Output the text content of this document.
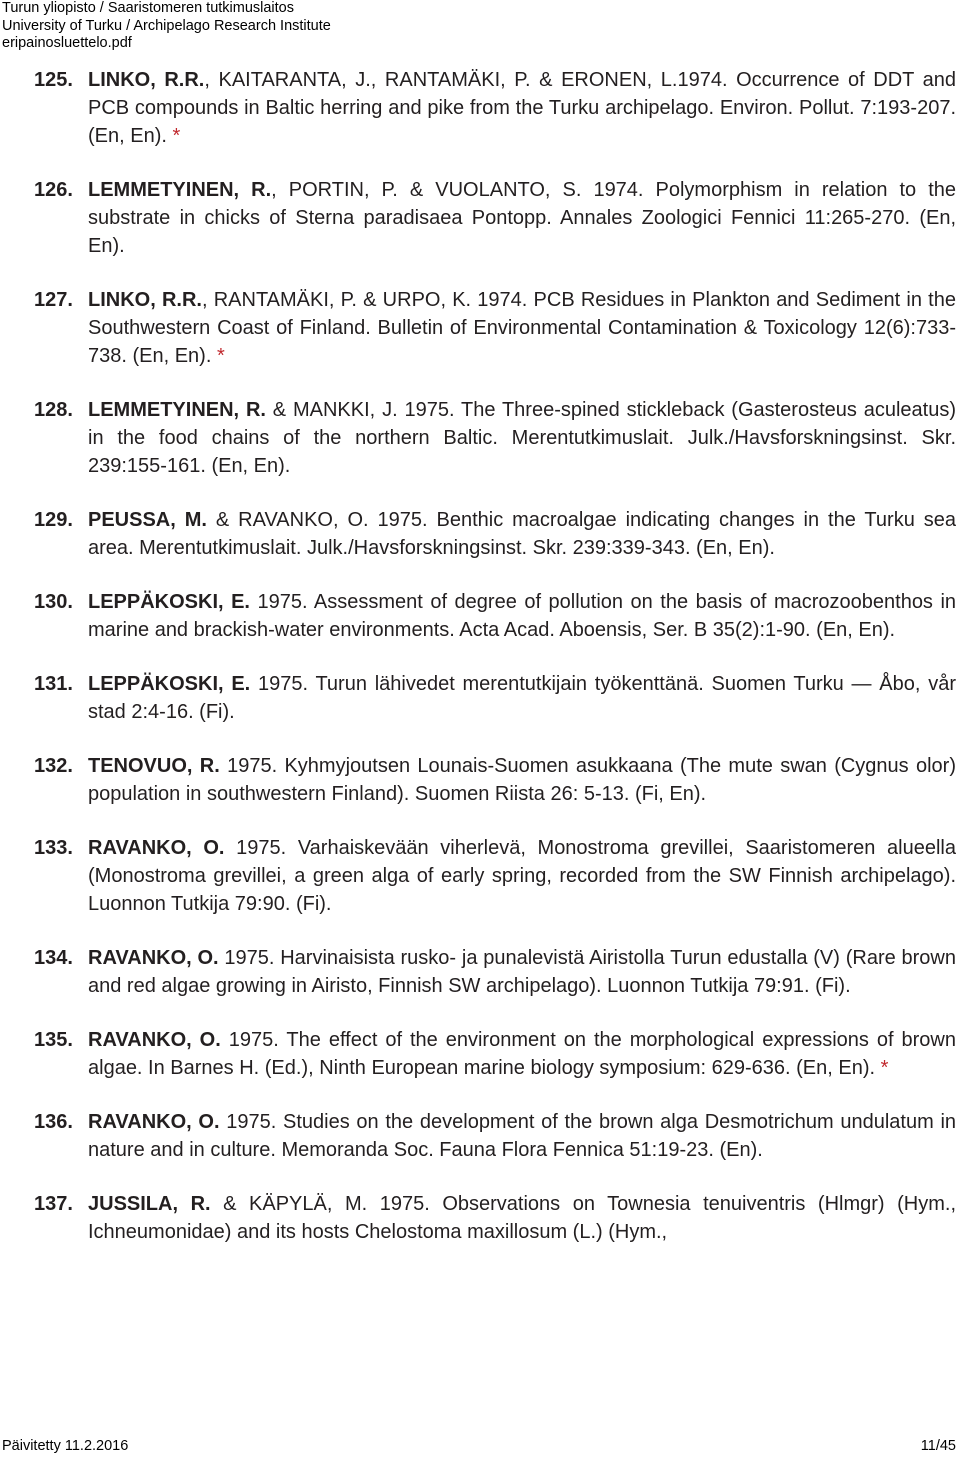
Turun yliopisto / Saaristomeren tutkimuslaitos
University of Turku / Archipelago Research Institute
eripainosluettelo.pdf
125. LINKO, R.R., KAITARANTA, J., RANTAMÄKI, P. & ERONEN, L.1974. Occurrence of DDT and PCB compounds in Baltic herring and pike from the Turku archipelago. Environ. Pollut. 7:193-207. (En, En). *
126. LEMMETYINEN, R., PORTIN, P. & VUOLANTO, S. 1974. Polymorphism in relation to the substrate in chicks of Sterna paradisaea Pontopp. Annales Zoologici Fennici 11:265-270. (En, En).
127. LINKO, R.R., RANTAMÄKI, P. & URPO, K. 1974. PCB Residues in Plankton and Sediment in the Southwestern Coast of Finland. Bulletin of Environmental Contamination & Toxicology 12(6):733-738. (En, En). *
128. LEMMETYINEN, R. & MANKKI, J. 1975. The Three-spined stickleback (Gasterosteus aculeatus) in the food chains of the northern Baltic. Merentutkimuslait. Julk./Havsforskningsinst. Skr. 239:155-161. (En, En).
129. PEUSSA, M. & RAVANKO, O. 1975. Benthic macroalgae indicating changes in the Turku sea area. Merentutkimuslait. Julk./Havsforskningsinst. Skr. 239:339-343. (En, En).
130. LEPPÄKOSKI, E. 1975. Assessment of degree of pollution on the basis of macrozoobenthos in marine and brackish-water environments. Acta Acad. Aboensis, Ser. B 35(2):1-90. (En, En).
131. LEPPÄKOSKI, E. 1975. Turun lähivedet merentutkijain työkenttänä. Suomen Turku — Åbo, vår stad 2:4-16. (Fi).
132. TENOVUO, R. 1975. Kyhmyjoutsen Lounais-Suomen asukkaana (The mute swan (Cygnus olor) population in southwestern Finland). Suomen Riista 26: 5-13. (Fi, En).
133. RAVANKO, O. 1975. Varhaiskevään viherlevä, Monostroma grevillei, Saaristomeren alueella (Monostroma grevillei, a green alga of early spring, recorded from the SW Finnish archipelago). Luonnon Tutkija 79:90. (Fi).
134. RAVANKO, O. 1975. Harvinaisista rusko- ja punalevistä Airistolla Turun edustalla (V) (Rare brown and red algae growing in Airisto, Finnish SW archipelago). Luonnon Tutkija 79:91. (Fi).
135. RAVANKO, O. 1975. The effect of the environment on the morphological expressions of brown algae. In Barnes H. (Ed.), Ninth European marine biology symposium: 629-636. (En, En). *
136. RAVANKO, O. 1975. Studies on the development of the brown alga Desmotrichum undulatum in nature and in culture. Memoranda Soc. Fauna Flora Fennica 51:19-23. (En).
137. JUSSILA, R. & KÄPYLÄ, M. 1975. Observations on Townesia tenuiventris (Hlmgr) (Hym., Ichneumonidae) and its hosts Chelostoma maxillosum (L.) (Hym.,
Päivitetty 11.2.2016	11/45
